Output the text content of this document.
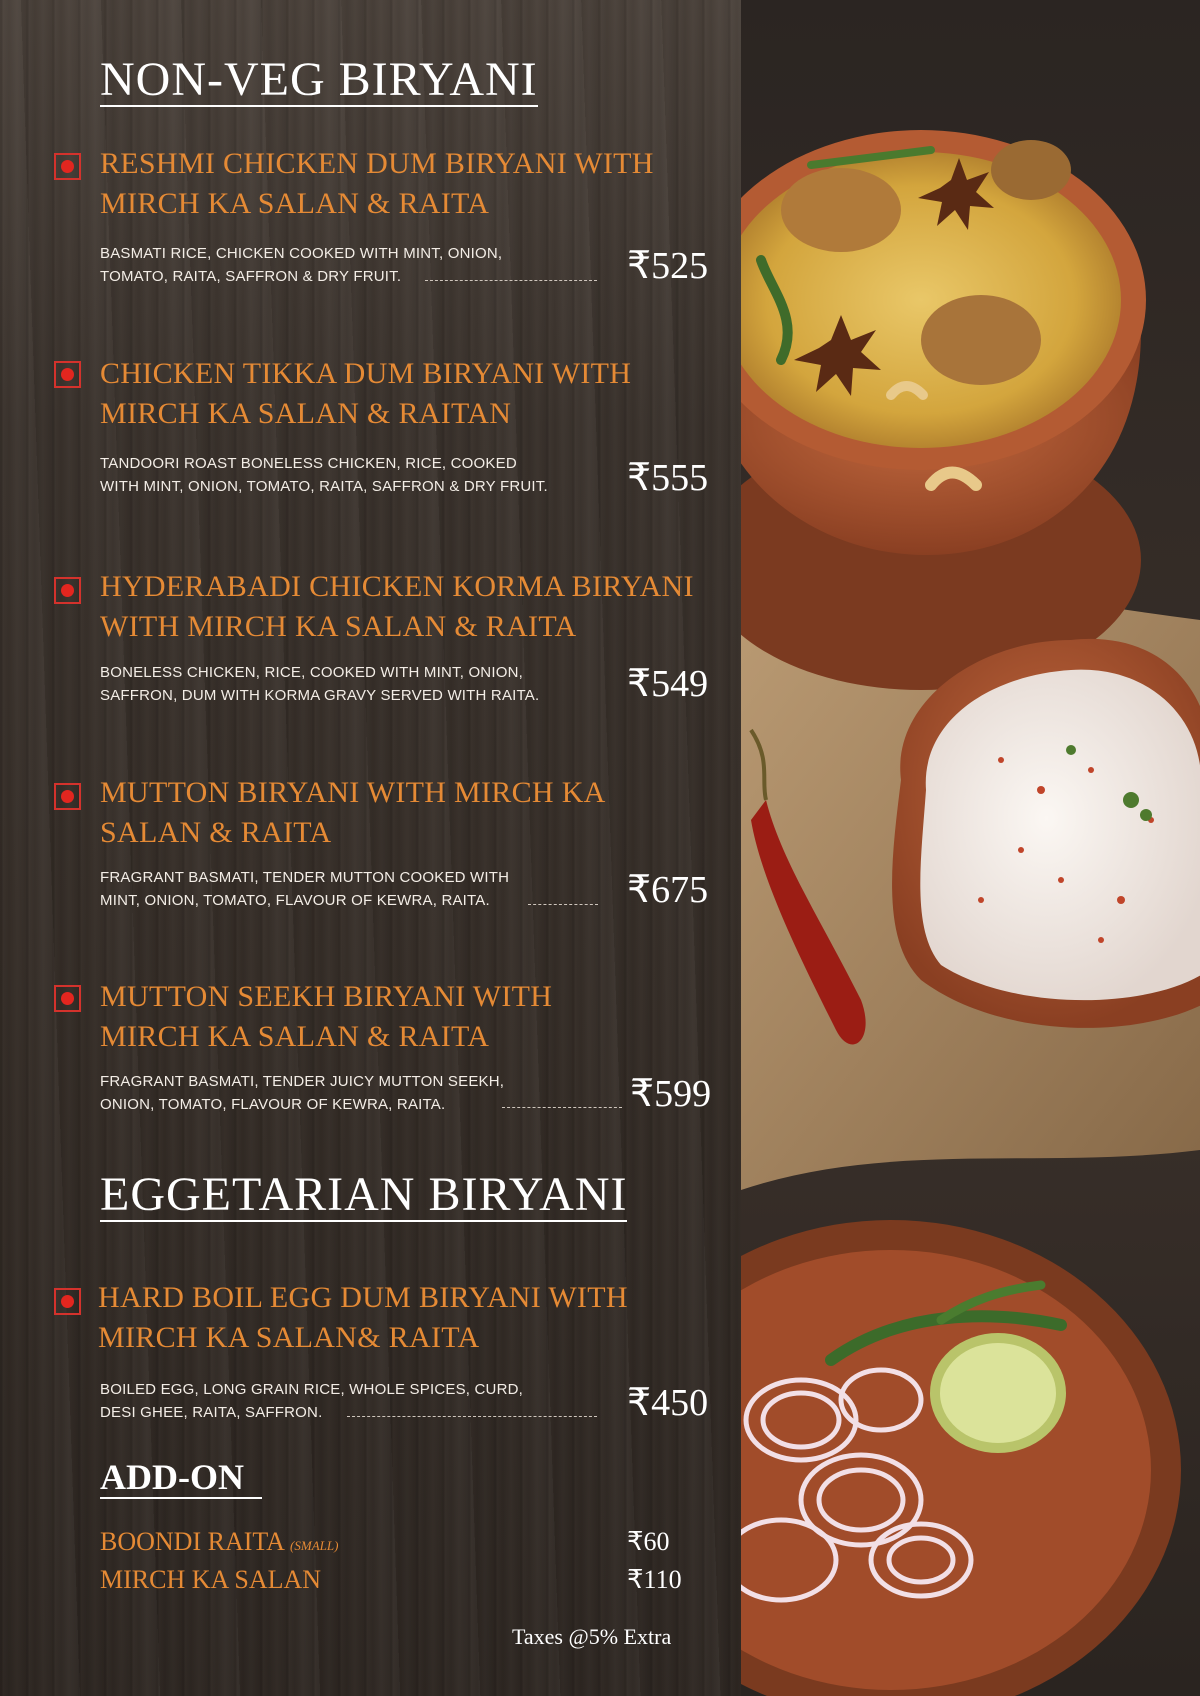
NON-VEG BIRYANI
RESHMI CHICKEN DUM BIRYANI WITH
MIRCH KA SALAN & RAITA
BASMATI RICE, CHICKEN COOKED WITH MINT, ONION,
TOMATO, RAITA, SAFFRON & DRY FRUIT.	₹525
CHICKEN TIKKA DUM BIRYANI WITH
MIRCH KA SALAN & RAITAN
TANDOORI ROAST BONELESS CHICKEN, RICE, COOKED
WITH MINT, ONION, TOMATO, RAITA, SAFFRON & DRY FRUIT. ₹555
HYDERABADI CHICKEN KORMA BIRYANI
WITH MIRCH KA SALAN & RAITA
BONELESS CHICKEN, RICE, COOKED WITH MINT, ONION,
SAFFRON, DUM WITH KORMA GRAVY SERVED WITH RAITA. ₹549
MUTTON BIRYANI WITH MIRCH KA
SALAN & RAITA
FRAGRANT BASMATI, TENDER MUTTON COOKED WITH
MINT, ONION, TOMATO, FLAVOUR OF KEWRA, RAITA.	₹675
MUTTON SEEKH BIRYANI WITH
MIRCH KA SALAN & RAITA
FRAGRANT BASMATI, TENDER JUICY MUTTON SEEKH,
ONION, TOMATO, FLAVOUR OF KEWRA, RAITA.	₹599
EGGETARIAN BIRYANI
HARD BOIL EGG DUM BIRYANI WITH
MIRCH KA SALAN& RAITA
BOILED EGG, LONG GRAIN RICE, WHOLE SPICES, CURD,
DESI GHEE, RAITA, SAFFRON.	₹450
ADD-ON
BOONDI RAITA (SMALL)	₹60
MIRCH KA SALAN	₹110
Taxes @5% Extra
